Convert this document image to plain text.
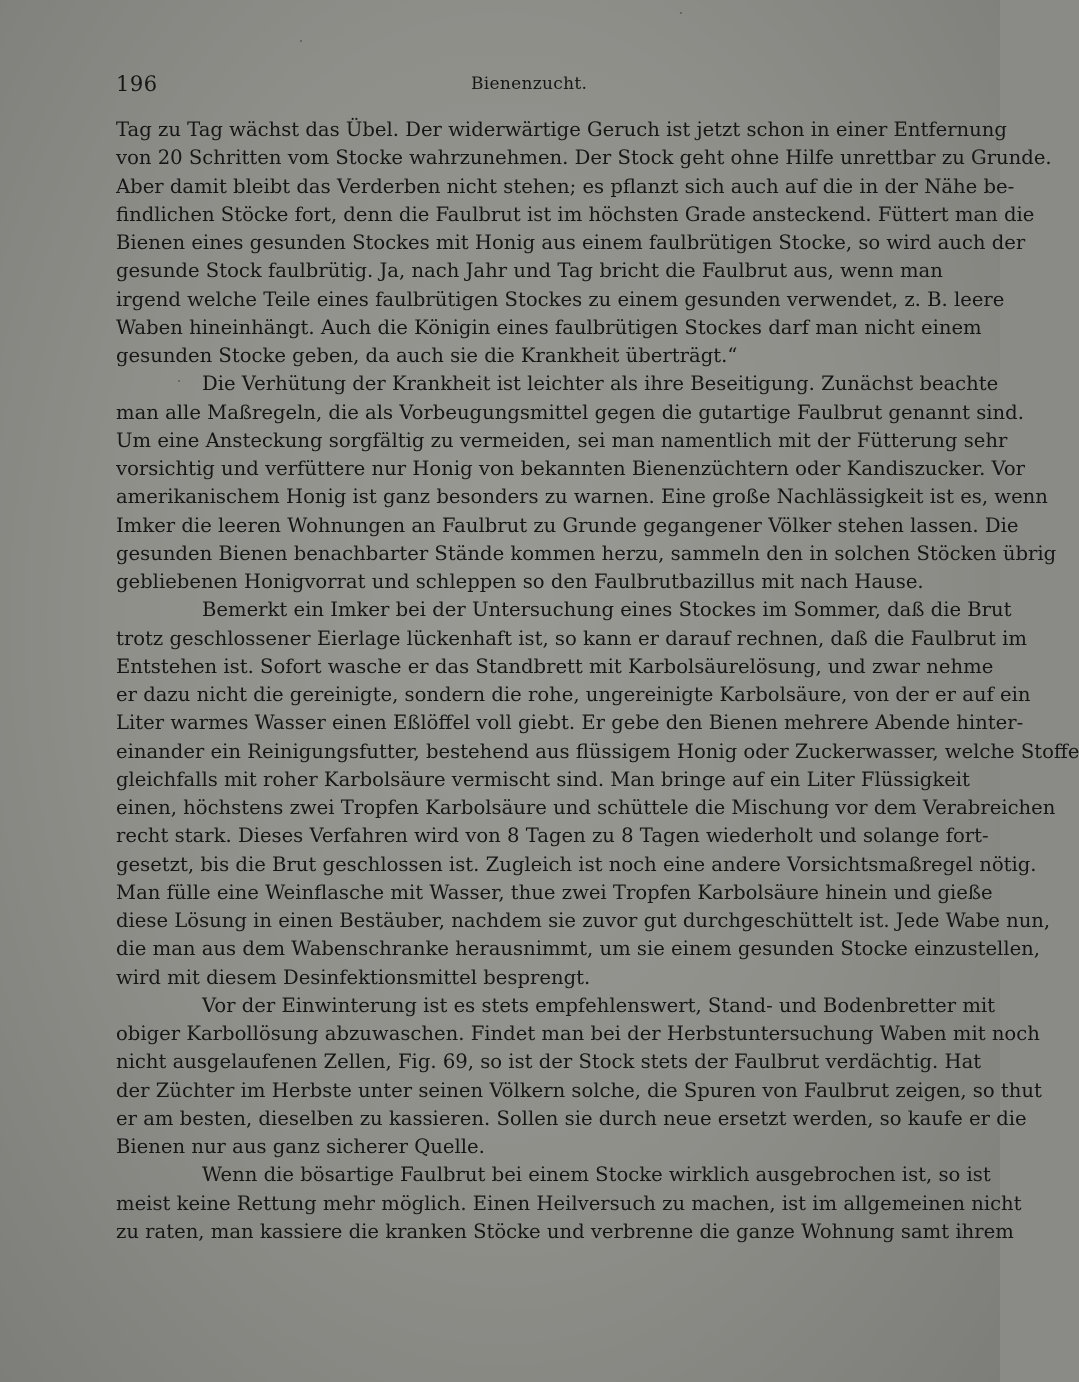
196	Bienenzucht.
Tag zu Tag wächst das Übel. Der widerwärtige Geruch ist jetzt schon in einer Entfernung
von 20 Schritten vom Stocke wahrzunehmen. Der Stock geht ohne Hilfe unrettbar zu Grunde.
Aber damit bleibt das Verderben nicht stehen; es pflanzt sich auch auf die in der Nähe be-
findlichen Stöcke fort, denn die Faulbrut ist im höchsten Grade ansteckend. Füttert man die
Bienen eines gesunden Stockes mit Honig aus einem faulbrütigen Stocke, so wird auch der
gesunde Stock faulbrütig. Ja, nach Jahr und Tag bricht die Faulbrut aus, wenn man
irgend welche Teile eines faulbrütigen Stockes zu einem gesunden verwendet, z. B. leere
Waben hineinhängt. Auch die Königin eines faulbrütigen Stockes darf man nicht einem
gesunden Stocke geben, da auch sie die Krankheit überträgt.“
Die Verhütung der Krankheit ist leichter als ihre Beseitigung. Zunächst beachte
man alle Maßregeln, die als Vorbeugungsmittel gegen die gutartige Faulbrut genannt sind.
Um eine Ansteckung sorgfältig zu vermeiden, sei man namentlich mit der Fütterung sehr
vorsichtig und verfüttere nur Honig von bekannten Bienenzüchtern oder Kandiszucker. Vor
amerikanischem Honig ist ganz besonders zu warnen. Eine große Nachlässigkeit ist es, wenn
Imker die leeren Wohnungen an Faulbrut zu Grunde gegangener Völker stehen lassen. Die
gesunden Bienen benachbarter Stände kommen herzu, sammeln den in solchen Stöcken übrig
gebliebenen Honigvorrat und schleppen so den Faulbrutbazillus mit nach Hause.
Bemerkt ein Imker bei der Untersuchung eines Stockes im Sommer, daß die Brut
trotz geschlossener Eierlage lückenhaft ist, so kann er darauf rechnen, daß die Faulbrut im
Entstehen ist. Sofort wasche er das Standbrett mit Karbolsäurelösung, und zwar nehme
er dazu nicht die gereinigte, sondern die rohe, ungereinigte Karbolsäure, von der er auf ein
Liter warmes Wasser einen Eßlöffel voll giebt. Er gebe den Bienen mehrere Abende hinter-
einander ein Reinigungsfutter, bestehend aus flüssigem Honig oder Zuckerwasser, welche Stoffe
gleichfalls mit roher Karbolsäure vermischt sind. Man bringe auf ein Liter Flüssigkeit
einen, höchstens zwei Tropfen Karbolsäure und schüttele die Mischung vor dem Verabreichen
recht stark. Dieses Verfahren wird von 8 Tagen zu 8 Tagen wiederholt und solange fort-
gesetzt, bis die Brut geschlossen ist. Zugleich ist noch eine andere Vorsichtsmaßregel nötig.
Man fülle eine Weinflasche mit Wasser, thue zwei Tropfen Karbolsäure hinein und gieße
diese Lösung in einen Bestäuber, nachdem sie zuvor gut durchgeschüttelt ist. Jede Wabe nun,
die man aus dem Wabenschranke herausnimmt, um sie einem gesunden Stocke einzustellen,
wird mit diesem Desinfektionsmittel besprengt.
Vor der Einwinterung ist es stets empfehlenswert, Stand- und Bodenbretter mit
obiger Karbollösung abzuwaschen. Findet man bei der Herbstuntersuchung Waben mit noch
nicht ausgelaufenen Zellen, Fig. 69, so ist der Stock stets der Faulbrut verdächtig. Hat
der Züchter im Herbste unter seinen Völkern solche, die Spuren von Faulbrut zeigen, so thut
er am besten, dieselben zu kassieren. Sollen sie durch neue ersetzt werden, so kaufe er die
Bienen nur aus ganz sicherer Quelle.
Wenn die bösartige Faulbrut bei einem Stocke wirklich ausgebrochen ist, so ist
meist keine Rettung mehr möglich. Einen Heilversuch zu machen, ist im allgemeinen nicht
zu raten, man kassiere die kranken Stöcke und verbrenne die ganze Wohnung samt ihrem
